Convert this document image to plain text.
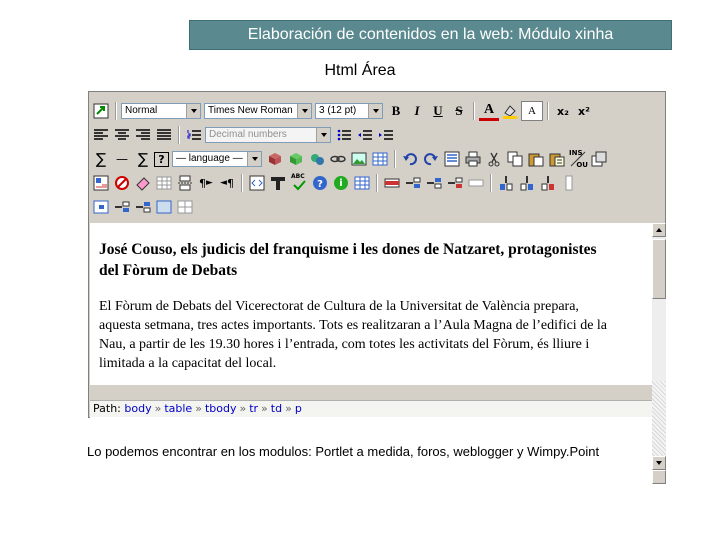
Elaboración de contenidos en la web: Módulo xinha
Html Área
Normal	Times New Roman	3 (12 pt)	B	I	U S	A	A	x₂ x²
Decimal numbers
∑ — ∑ ?	— language —	INS
OU
¶ ► ◄ ¶	ABC
? i
José Couso, els judicis del franquisme i les dones de Natzaret, protagonistes del Fòrum de Debats
El Fòrum de Debats del Vicerectorat de Cultura de la Universitat de València prepara, aquesta setmana, tres actes importants. Tots es realitzaran a l’Aula Magna de l’edifici de la Nau, a partir de les 19.30 hores i l’entrada, com totes les activitats del Fòrum, és lliure i limitada a la capacitat del local.
Path: body » table » tbody » tr » td » p
Lo podemos encontrar en los modulos: Portlet a medida, foros, weblogger y Wimpy.Point
